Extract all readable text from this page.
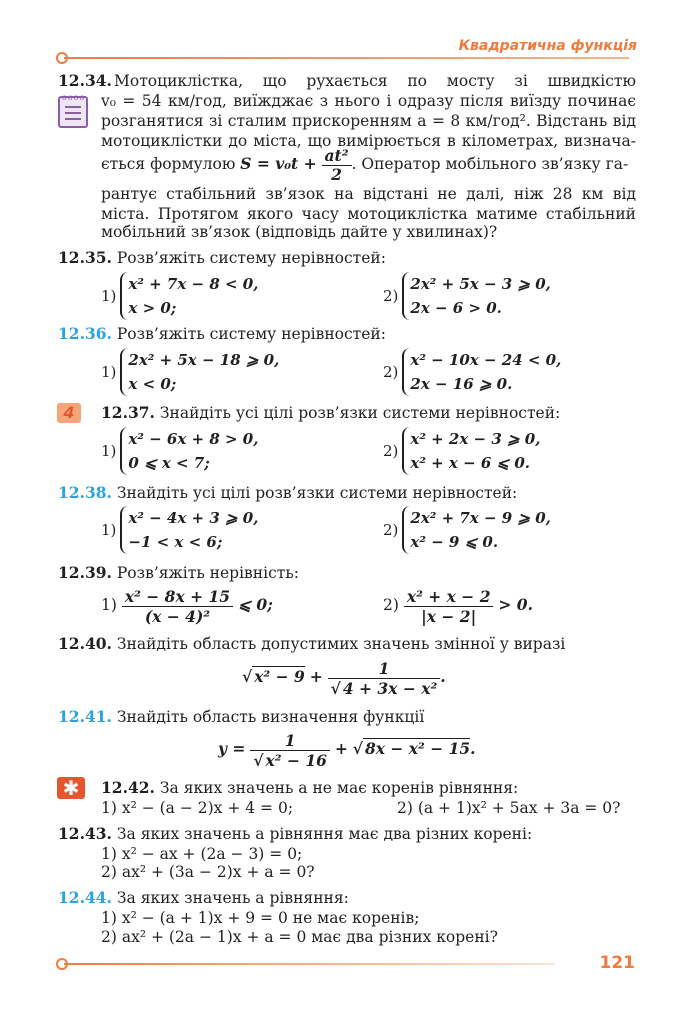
Квадратична функція
oooo
12.34. Мотоциклістка, що рухається по мосту зі швидкістю
v₀ = 54 км/год, виїжджає з нього і одразу після виїзду починає
розганятися зі сталим прискоренням a = 8 км/год². Відстань від
мотоциклістки до міста, що вимірюється в кілометрах, визнача-
ється формулою $S = v_0t + \frac{\text{at²}}{2}$ . Оператор мобільного зв’язку га-
рантує стабільний зв’язок на відстані не далі, ніж 28 км від
міста. Протягом якого часу мотоциклістка матиме стабільний
мобільний зв’язок (відповідь дайте у хвилинах)?
12.35. Розв’яжіть систему нерівностей:
1)x² + 7x − 8 < 0,
x > 0;
2)2x² + 5x − 3 ⩾ 0,
2x − 6 > 0.
12.36. Розв’яжіть систему нерівностей:
1)2x² + 5x − 18 ⩾ 0,
x < 0;
2)x² − 10x − 24 < 0,
2x − 16 ⩾ 0.
4	12.37. Знайдіть усі цілі розв’язки системи нерівностей:
1)x² − 6x + 8 > 0,
0 ⩽ x < 7;
2)x² + 2x − 3 ⩾ 0,
x² + x − 6 ⩽ 0.
12.38. Знайдіть усі цілі розв’язки системи нерівностей:
1)x² − 4x + 3 ⩾ 0,
−1 < x < 6;
2)2x² + 7x − 9 ⩾ 0,
x² − 9 ⩽ 0.
12.39. Розв’яжіть нерівність:
$1) \frac{\text{x² − 8x + 15}}{\text{(x − 4)²}}$ ⩽ 0;	$2) \frac{\text{x² + x − 2}}{|x - 2|} > 0$.
12.40. Знайдіть область допустимих значень змінної у виразі
√ $x^2 - 9 + \frac{1}{\text{√ 4 + 3x − x²}}$ .
12.41. Знайдіть область визначення функції
$y = \frac{1}{\text{√ x² − 16}}$ + √ 8x − x² − 15.
✱	12.42. За яких значень a не має коренів рівняння:
1) x² − (a − 2)x + 4 = 0;	2) (a + 1)x² + 5ax + 3a = 0?
12.43. За яких значень a рівняння має два різних корені:
1) x² − ax + (2a − 3) = 0;
2) ax² + (3a − 2)x + a = 0?
12.44. За яких значень a рівняння:
1) x² − (a + 1)x + 9 = 0 не має коренів;
2) ax² + (2a − 1)x + a = 0 має два різних корені?
121
